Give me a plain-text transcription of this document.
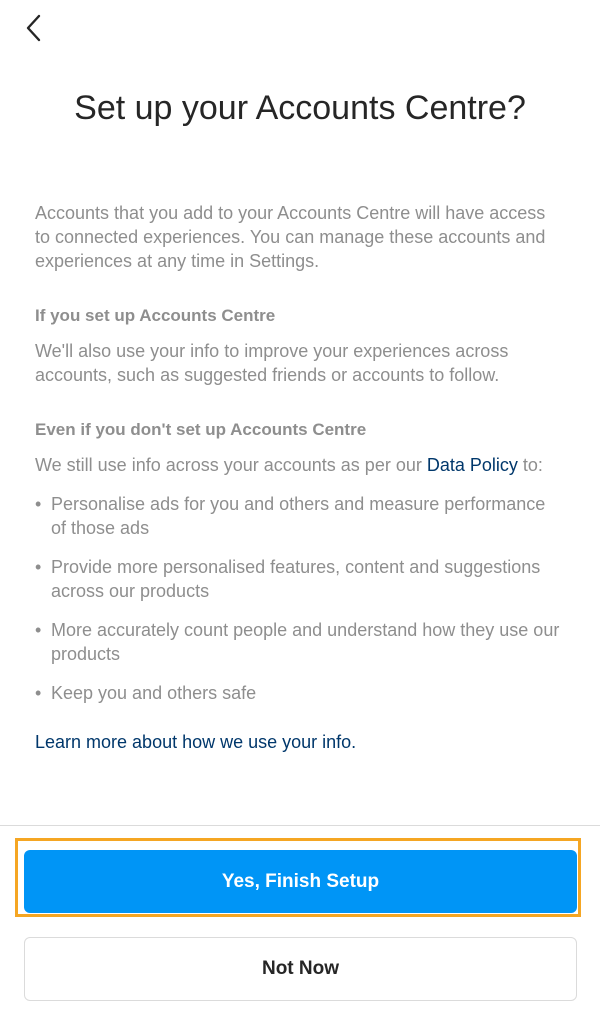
Set up your Accounts Centre?

Accounts that you add to your Accounts Centre will have access to connected experiences. You can manage these accounts and experiences at any time in Settings.

If you set up Accounts Centre

We'll also use your info to improve your experiences across accounts, such as suggested friends or accounts to follow.

Even if you don't set up Accounts Centre

We still use info across your accounts as per our Data Policy to:

• Personalise ads for you and others and measure performance of those ads
• Provide more personalised features, content and suggestions across our products
• More accurately count people and understand how they use our products
• Keep you and others safe
Learn more about how we use your info.
Yes, Finish Setup
Not Now
